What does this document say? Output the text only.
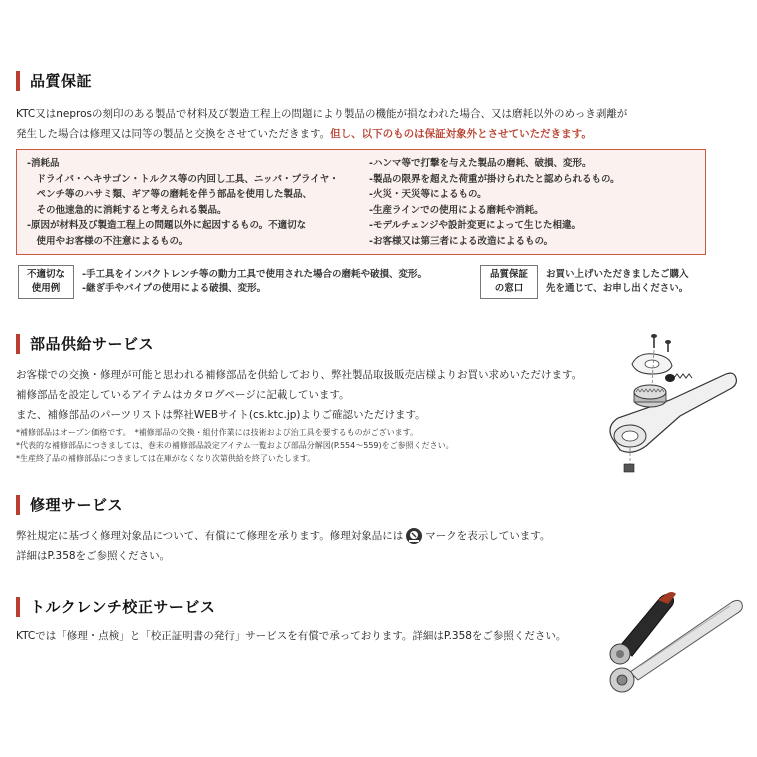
品質保証
KTC又はneprosの刻印のある製品で材料及び製造工程上の問題により製品の機能が損なわれた場合、又は磨耗以外のめっき剥離が
発生した場合は修理又は同等の製品と交換をさせていただきます。但し、以下のものは保証対象外とさせていただきます。
-消耗品
　ドライバ・ヘキサゴン・トルクス等の内回し工具、ニッパ・プライヤ・
　ペンチ等のハサミ類、ギア等の磨耗を伴う部品を使用した製品、
　その他速急的に消耗すると考えられる製品。
-原因が材料及び製造工程上の問題以外に起因するもの。不適切な
　使用やお客様の不注意によるもの。
-ハンマ等で打撃を与えた製品の磨耗、破損、変形。
-製品の限界を超えた荷重が掛けられたと認められるもの。
-火災・天災等によるもの。
-生産ラインでの使用による磨耗や消耗。
-モデルチェンジや設計変更によって生じた相違。
-お客様又は第三者による改造によるもの。
不適切な
使用例
-手工具をインパクトレンチ等の動力工具で使用された場合の磨耗や破損、変形。
-継ぎ手やパイプの使用による破損、変形。
品質保証
の窓口
お買い上げいただきましたご購入
先を通じて、お申し出ください。
部品供給サービス
お客様での交換・修理が可能と思われる補修部品を供給しており、弊社製品取扱販売店様よりお買い求めいただけます。
補修部品を設定しているアイテムはカタログページに記載しています。
また、補修部品のパーツリストは弊社WEBサイト(cs.ktc.jp)よりご確認いただけます。
*補修部品はオープン価格です。　*補修部品の交換・組付作業には技術および治工具を要するものがございます。
*代表的な補修部品につきましては、巻末の補修部品設定アイテム一覧および部品分解図(P.554～559)をご参照ください。
*生産終了品の補修部品につきましては在庫がなくなり次第供給を終了いたします。
修理サービス
弊社規定に基づく修理対象品について、有償にて修理を承ります。修理対象品には マークを表示しています。
詳細はP.358をご参照ください。
トルクレンチ校正サービス
KTCでは「修理・点検」と「校正証明書の発行」サービスを有償で承っております。詳細はP.358をご参照ください。
